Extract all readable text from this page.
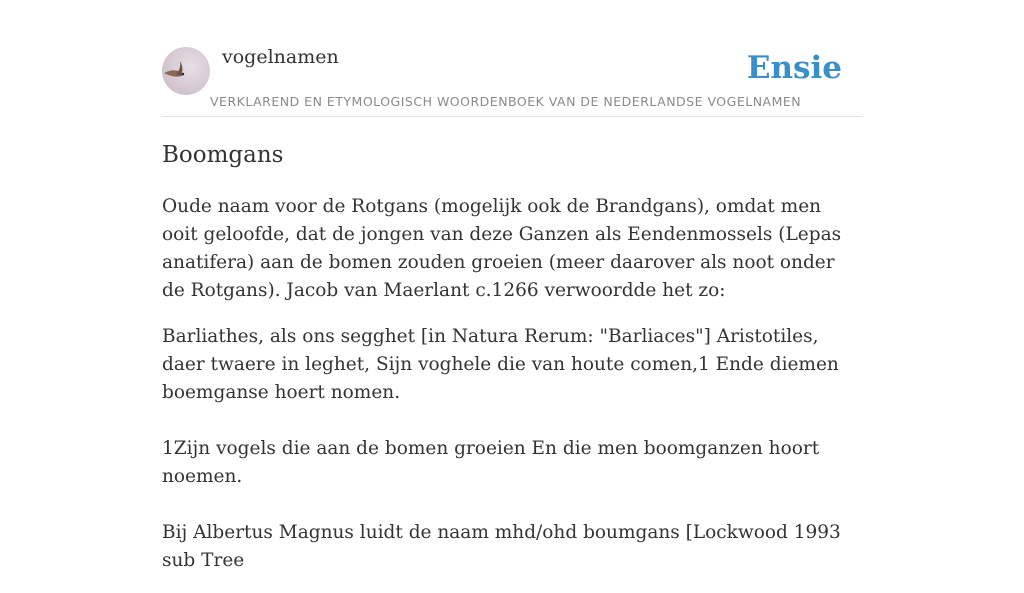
vogelnamen	Ensie
VERKLAREND EN ETYMOLOGISCH WOORDENBOEK VAN DE NEDERLANDSE VOGELNAMEN
Boomgans

Oude naam voor de Rotgans (mogelijk ook de Brandgans), omdat men ooit geloofde, dat de jongen van deze Ganzen als Eendenmossels (Lepas anatifera) aan de bomen zouden groeien (meer daarover als noot onder de Rotgans). Jacob van Maerlant c.1266 verwoordde het zo:

Barliathes, als ons segghet [in Natura Rerum: "Barliaces"] Aristotiles, daer twaere in leghet, Sijn voghele die van houte comen,1 Ende diemen boemganse hoert nomen.

1Zijn vogels die aan de bomen groeien En die men boomganzen hoort noemen.

Bij Albertus Magnus luidt de naam mhd/ohd boumgans [Lockwood 1993 sub Tree
